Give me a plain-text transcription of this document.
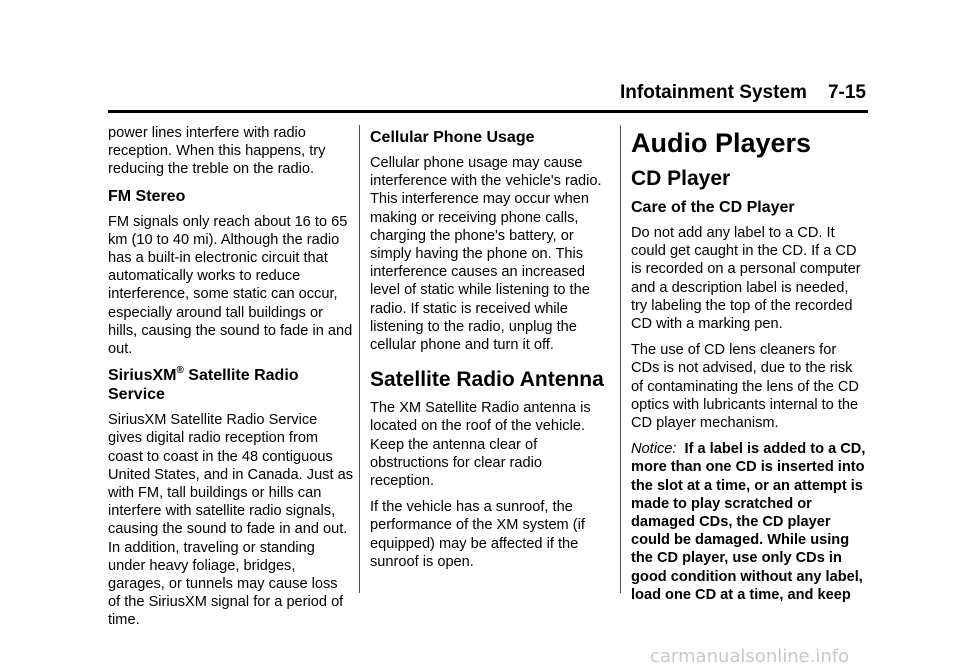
Infotainment System 7-15

power lines interfere with radio reception. When this happens, try reducing the treble on the radio.

FM Stereo

FM signals only reach about 16 to 65 km (10 to 40 mi). Although the radio has a built-in electronic circuit that automatically works to reduce interference, some static can occur, especially around tall buildings or hills, causing the sound to fade in and out.

SiriusXM® Satellite Radio Service

SiriusXM Satellite Radio Service gives digital radio reception from coast to coast in the 48 contiguous United States, and in Canada. Just as with FM, tall buildings or hills can interfere with satellite radio signals, causing the sound to fade in and out. In addition, traveling or standing under heavy foliage, bridges, garages, or tunnels may cause loss of the SiriusXM signal for a period of time.

Cellular Phone Usage

Cellular phone usage may cause interference with the vehicle's radio. This interference may occur when making or receiving phone calls, charging the phone's battery, or simply having the phone on. This interference causes an increased level of static while listening to the radio. If static is received while listening to the radio, unplug the cellular phone and turn it off.

Satellite Radio Antenna

The XM Satellite Radio antenna is located on the roof of the vehicle. Keep the antenna clear of obstructions for clear radio reception.

If the vehicle has a sunroof, the performance of the XM system (if equipped) may be affected if the sunroof is open.

Audio Players
CD Player
Care of the CD Player

Do not add any label to a CD. It could get caught in the CD. If a CD is recorded on a personal computer and a description label is needed, try labeling the top of the recorded CD with a marking pen.

The use of CD lens cleaners for CDs is not advised, due to the risk of contaminating the lens of the CD optics with lubricants internal to the CD player mechanism.

Notice: If a label is added to a CD, more than one CD is inserted into the slot at a time, or an attempt is made to play scratched or damaged CDs, the CD player could be damaged. While using the CD player, use only CDs in good condition without any label, load one CD at a time, and keep

carmanualsonline.info
